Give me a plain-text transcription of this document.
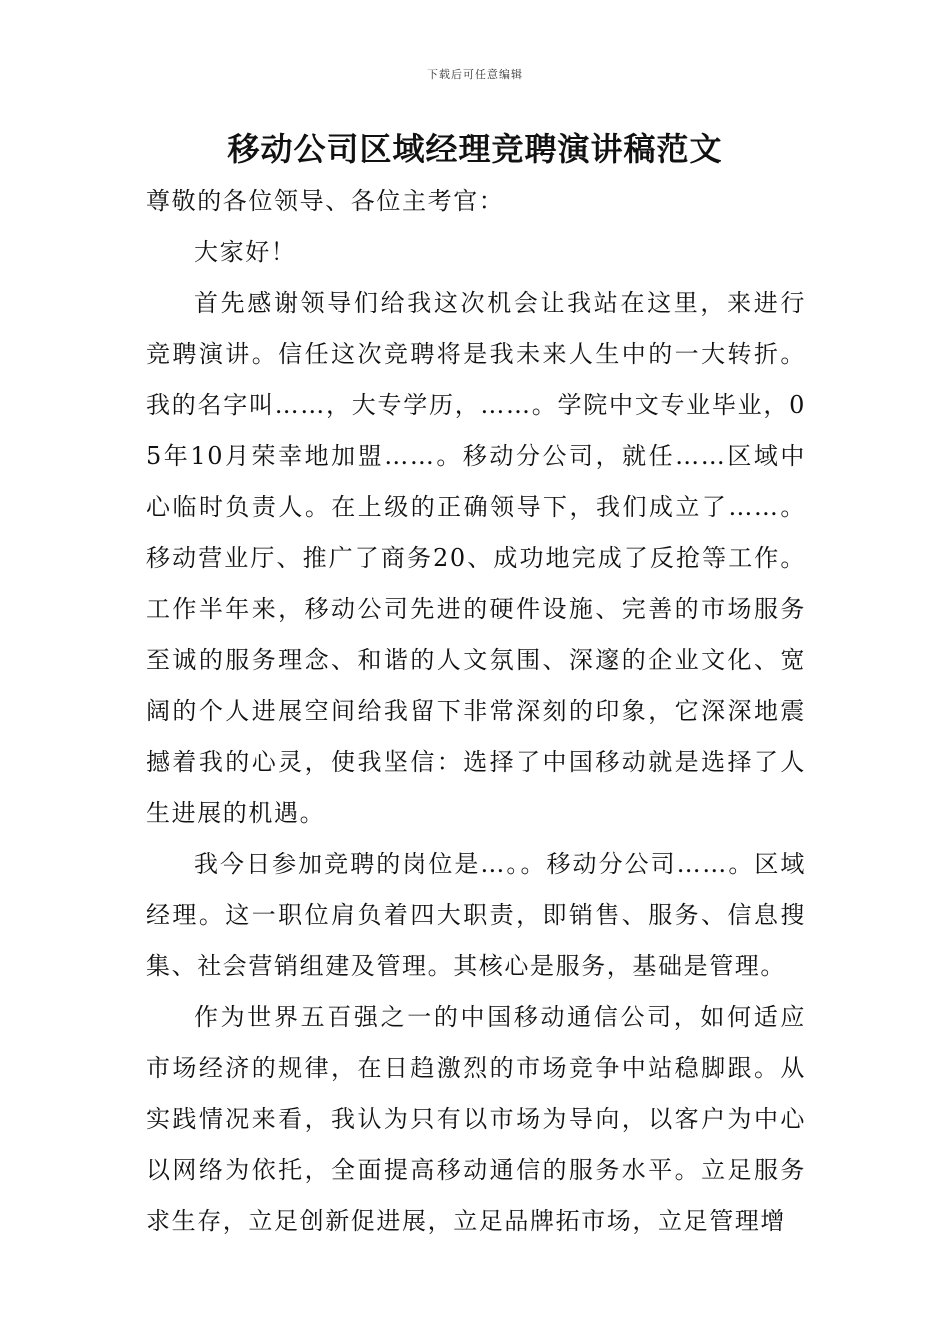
下载后可任意编辑
移动公司区域经理竞聘演讲稿范文

尊敬的各位领导、各位主考官：

大家好！

首先感谢领导们给我这次机会让我站在这里，来进行竞聘演讲。信任这次竞聘将是我未来人生中的一大转折。我的名字叫……，大专学历，……。学院中文专业毕业，05年10月荣幸地加盟……。移动分公司，就任……区域中心临时负责人。在上级的正确领导下，我们成立了……。移动营业厅、推广了商务20、成功地完成了反抢等工作。工作半年来，移动公司先进的硬件设施、完善的市场服务至诚的服务理念、和谐的人文氛围、深邃的企业文化、宽阔的个人进展空间给我留下非常深刻的印象，它深深地震撼着我的心灵，使我坚信：选择了中国移动就是选择了人生进展的机遇。

我今日参加竞聘的岗位是…。。移动分公司……。区域经理。这一职位肩负着四大职责，即销售、服务、信息搜集、社会营销组建及管理。其核心是服务，基础是管理。

作为世界五百强之一的中国移动通信公司，如何适应市场经济的规律，在日趋激烈的市场竞争中站稳脚跟。从实践情况来看，我认为只有以市场为导向，以客户为中心以网络为依托，全面提高移动通信的服务水平。立足服务求生存，立足创新促进展，立足品牌拓市场，立足管理增
